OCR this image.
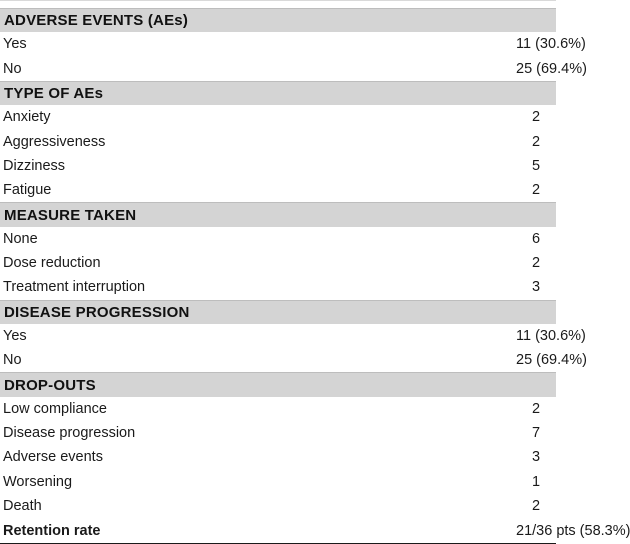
ADVERSE EVENTS (AEs)
Yes	11 (30.6%)
No	25 (69.4%)
TYPE OF AEs
Anxiety	2
Aggressiveness	2
Dizziness	5
Fatigue	2
MEASURE TAKEN
None	6
Dose reduction	2
Treatment interruption	3
DISEASE PROGRESSION
Yes	11 (30.6%)
No	25 (69.4%)
DROP-OUTS
Low compliance	2
Disease progression	7
Adverse events	3
Worsening	1
Death	2
Retention rate	21/36 pts (58.3%)
